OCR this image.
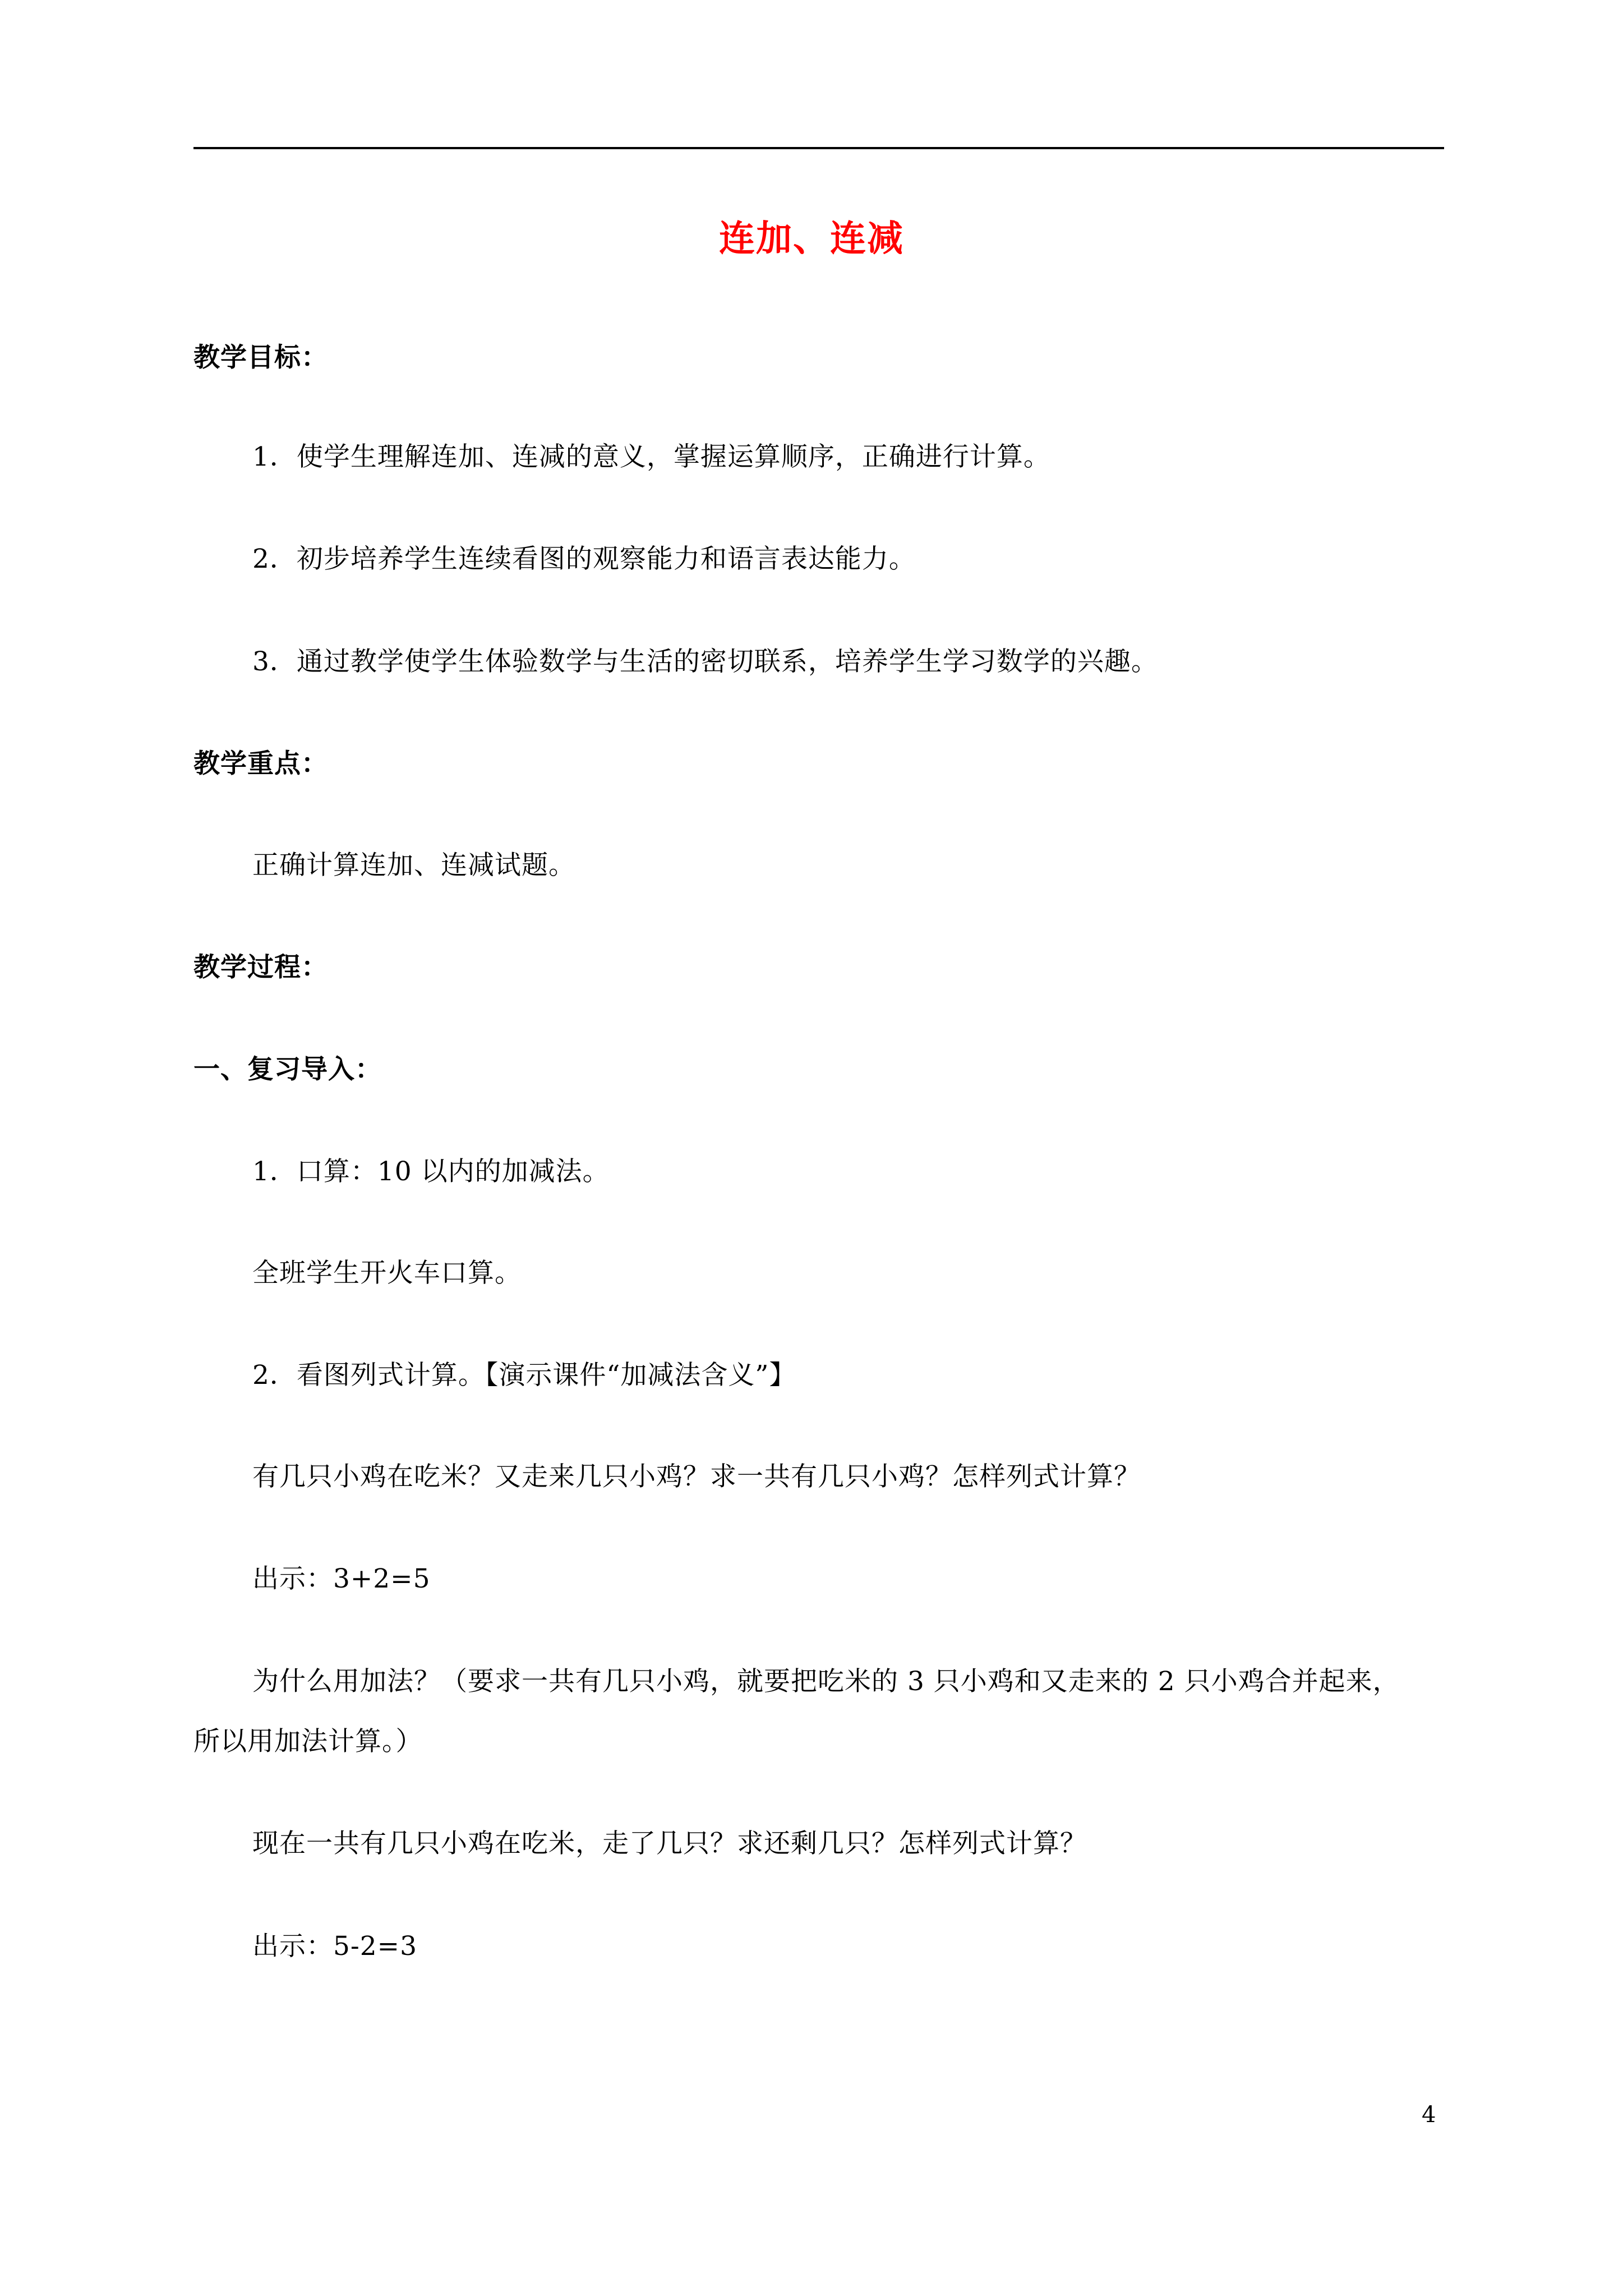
连加、连减
教学目标：
1．使学生理解连加、连减的意义，掌握运算顺序，正确进行计算。
2．初步培养学生连续看图的观察能力和语言表达能力。
3．通过教学使学生体验数学与生活的密切联系，培养学生学习数学的兴趣。
教学重点：
正确计算连加、连减试题。
教学过程：
一、复习导入：
1．口算：10 以内的加减法。
全班学生开火车口算。
2．看图列式计算。【演示课件“加减法含义”】
有几只小鸡在吃米？又走来几只小鸡？求一共有几只小鸡？怎样列式计算？
出示：3+2=5
为什么用加法？（要求一共有几只小鸡，就要把吃米的 3 只小鸡和又走来的 2 只小鸡合并起来，
所以用加法计算。）
现在一共有几只小鸡在吃米，走了几只？求还剩几只？怎样列式计算？
出示：5-2=3
4
